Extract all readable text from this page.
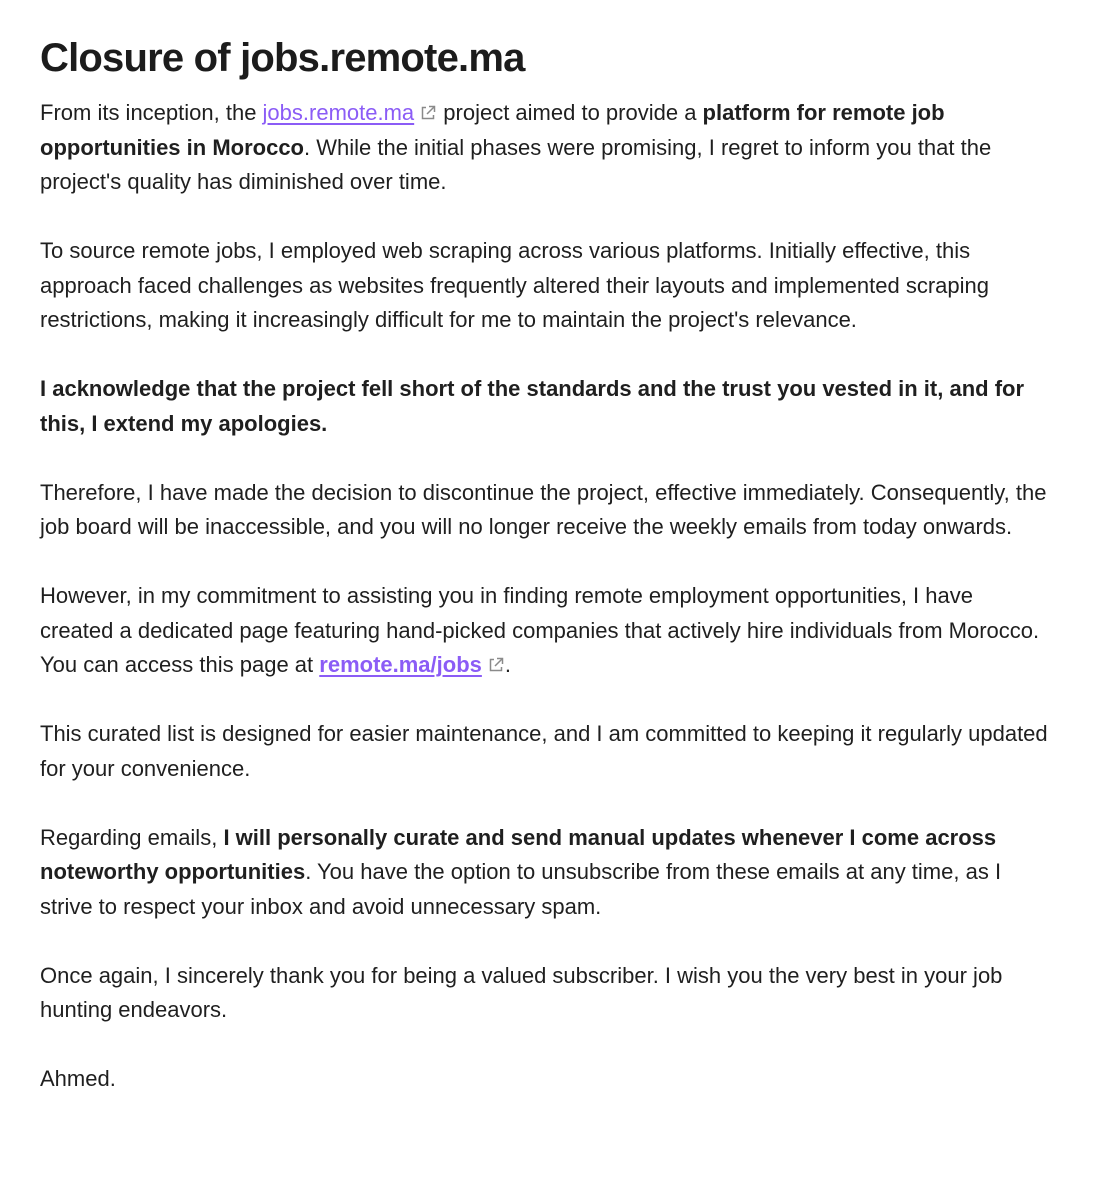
Closure of jobs.remote.ma

From its inception, the jobs.remote.ma
project aimed to provide a platform for remote job opportunities in Morocco. While the initial phases were promising, I regret to inform you that the project's quality has diminished over time.

To source remote jobs, I employed web scraping across various platforms. Initially effective, this approach faced challenges as websites frequently altered their layouts and implemented scraping restrictions, making it increasingly difficult for me to maintain the project's relevance.

I acknowledge that the project fell short of the standards and the trust you vested in it, and for this, I extend my apologies.

Therefore, I have made the decision to discontinue the project, effective immediately. Consequently, the job board will be inaccessible, and you will no longer receive the weekly emails from today onwards.

However, in my commitment to assisting you in finding remote employment opportunities, I have created a dedicated page featuring hand-picked companies that actively hire individuals from Morocco. You can access this page at remote.ma/jobs .

This curated list is designed for easier maintenance, and I am committed to keeping it regularly updated for your convenience.

Regarding emails, I will personally curate and send manual updates whenever I come across noteworthy opportunities. You have the option to unsubscribe from these emails at any time, as I strive to respect your inbox and avoid unnecessary spam.

Once again, I sincerely thank you for being a valued subscriber. I wish you the very best in your job hunting endeavors.

Ahmed.
